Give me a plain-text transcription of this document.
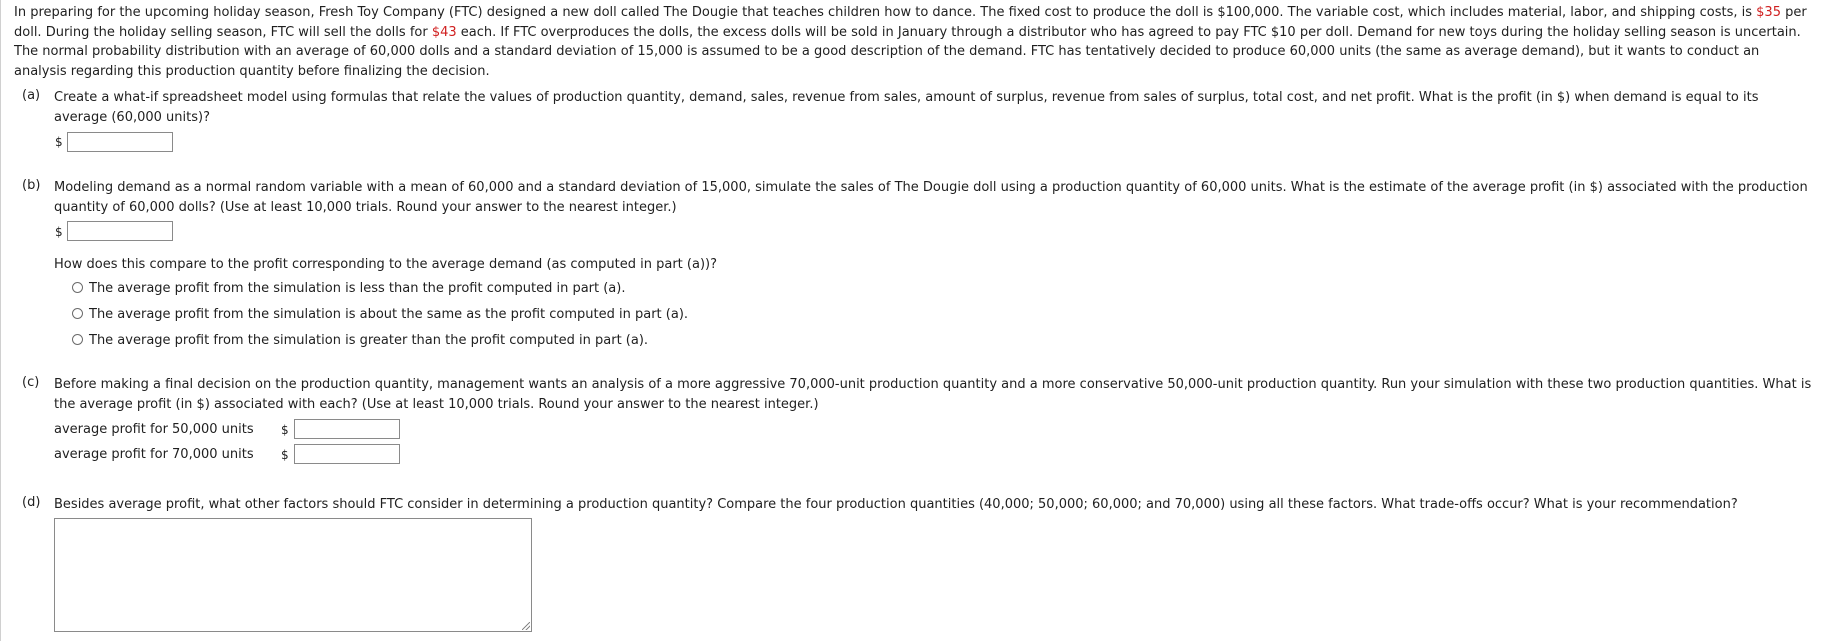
In preparing for the upcoming holiday season, Fresh Toy Company (FTC) designed a new doll called The Dougie that teaches children how to dance. The fixed cost to produce the doll is $100,000. The variable cost, which includes material, labor, and shipping costs, is $35 per doll. During the holiday selling season, FTC will sell the dolls for $43 each. If FTC overproduces the dolls, the excess dolls will be sold in January through a distributor who has agreed to pay FTC $10 per doll. Demand for new toys during the holiday selling season is uncertain. The normal probability distribution with an average of 60,000 dolls and a standard deviation of 15,000 is assumed to be a good description of the demand. FTC has tentatively decided to produce 60,000 units (the same as average demand), but it wants to conduct an analysis regarding this production quantity before finalizing the decision.
(a) Create a what-if spreadsheet model using formulas that relate the values of production quantity, demand, sales, revenue from sales, amount of surplus, revenue from sales of surplus, total cost, and net profit. What is the profit (in $) when demand is equal to its average (60,000 units)?
$
(b) Modeling demand as a normal random variable with a mean of 60,000 and a standard deviation of 15,000, simulate the sales of The Dougie doll using a production quantity of 60,000 units. What is the estimate of the average profit (in $) associated with the production quantity of 60,000 dolls? (Use at least 10,000 trials. Round your answer to the nearest integer.)
$
How does this compare to the profit corresponding to the average demand (as computed in part (a))?
The average profit from the simulation is less than the profit computed in part (a).
The average profit from the simulation is about the same as the profit computed in part (a).
The average profit from the simulation is greater than the profit computed in part (a).
(c) Before making a final decision on the production quantity, management wants an analysis of a more aggressive 70,000-unit production quantity and a more conservative 50,000-unit production quantity. Run your simulation with these two production quantities. What is the average profit (in $) associated with each? (Use at least 10,000 trials. Round your answer to the nearest integer.)
average profit for 50,000 units $
average profit for 70,000 units $
(d) Besides average profit, what other factors should FTC consider in determining a production quantity? Compare the four production quantities (40,000; 50,000; 60,000; and 70,000) using all these factors. What trade-offs occur? What is your recommendation?
